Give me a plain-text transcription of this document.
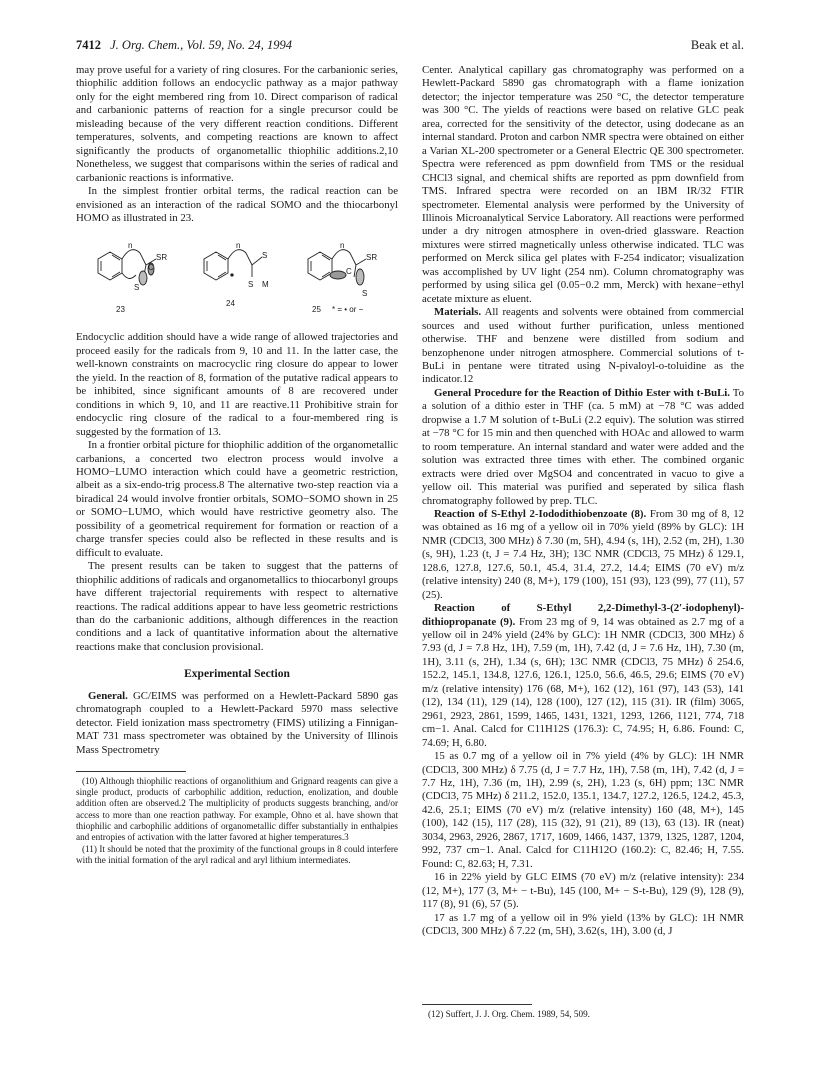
7412 J. Org. Chem., Vol. 59, No. 24, 1994	Beak et al.

may prove useful for a variety of ring closures. For the carbanionic series, thiophilic addition follows an endocyclic pathway as a major pathway only for the eight membered ring from 10. Direct comparison of radical and carbanionic patterns of reaction for a single precursor could be misleading because of the very different reaction conditions. Different temperatures, solvents, and competing reactions are known to affect significantly the products of organometallic thiophilic additions.2,10 Nonetheless, we suggest that comparisons within the series of radical and carbanionic reactions is informative.

In the simplest frontier orbital terms, the radical reaction can be envisioned as an interaction of the radical SOMO and the thiocarbonyl HOMO as illustrated in 23.

n
SR
C
S
n
S
S M
n
SR
C
S
23
24
25 * = • or −

Endocyclic addition should have a wide range of allowed trajectories and proceed easily for the radicals from 9, 10 and 11. In the latter case, the well-known constraints on macrocyclic ring closure do appear to lower the yield. In the reaction of 8, formation of the putative radical appears to be inhibited, since significant amounts of 8 are recovered under conditions in which 9, 10, and 11 are reactive.11 Prohibitive strain for endocyclic ring closure of the radical to a four-membered ring is suggested by the formation of 13.

In a frontier orbital picture for thiophilic addition of the organometallic carbanions, a concerted two electron process would involve a HOMO−LUMO interaction which could have a geometric restriction, albeit as a six-endo-trig process.8 The alternative two-step reaction via a biradical 24 would involve frontier orbitals, SOMO−SOMO shown in 25 or SOMO−LUMO, which would have restrictive geometry also. The possibility of a geometrical requirement for formation or reaction of a charge transfer species could also be reflected in these results and is difficult to evaluate.

The present results can be taken to suggest that the patterns of thiophilic additions of radicals and organometallics to thiocarbonyl groups have different trajectorial requirements with respect to alternative reactions. The radical additions appear to have less geometric restrictions than do the carbanionic additions, although differences in the reaction conditions and a lack of quantitative information about the alternative reactions make that conclusion provisional.

Experimental Section

General. GC/EIMS was performed on a Hewlett-Packard 5890 gas chromatograph coupled to a Hewlett-Packard 5970 mass selective detector. Field ionization mass spectrometry (FIMS) utilizing a Finnigan-MAT 731 mass spectrometer was obtained by the University of Illinois Mass Spectrometry

(10) Although thiophilic reactions of organolithium and Grignard reagents can give a single product, products of carbophilic addition, reduction, enolization, and double addition often are observed.2 The multiplicity of products suggests branching, and/or access to more than one reaction pathway. For example, Ohno et al. have shown that thiophilic and carbophilic additions of organometallic differ substantially in enthalpies and entropies of activation with the latter favored at higher temperatures.3

(11) It should be noted that the proximity of the functional groups in 8 could interfere with the initial formation of the aryl radical and aryl lithium intermediates.

Center. Analytical capillary gas chromatography was performed on a Hewlett-Packard 5890 gas chromatograph with a flame ionization detector; the injector temperature was 250 °C, the detector temperature was 300 °C. The yields of reactions were based on relative GLC peak area, corrected for the sensitivity of the detector, using dodecane as an internal standard. Proton and carbon NMR spectra were obtained on either a Varian XL-200 spectrometer or a General Electric QE 300 spectrometer. Spectra were referenced as ppm downfield from TMS or the residual CHCl3 signal, and chemical shifts are reported as ppm downfield from TMS. Infrared spectra were recorded on an IBM IR/32 FTIR spectrometer. Elemental analysis were performed by the University of Illinois Microanalytical Service Laboratory. All reactions were performed under a dry nitrogen atmosphere in oven-dried glassware. Reaction mixtures were stirred magnetically unless otherwise indicated. TLC was performed on Merck silica gel plates with F-254 indicator; visualization was accomplished by UV light (254 nm). Column chromatography was performed by using silica gel (0.05−0.2 mm, Merck) with hexane−ethyl acetate mixture as eluent.

Materials. All reagents and solvents were obtained from commercial sources and used without further purification, unless mentioned otherwise. THF and benzene were distilled from sodium and benzophenone under nitrogen atmosphere. Commercial solutions of t-BuLi in pentane were titrated using N-pivaloyl-o-toluidine as the indicator.12

General Procedure for the Reaction of Dithio Ester with t-BuLi. To a solution of a dithio ester in THF (ca. 5 mM) at −78 °C was added dropwise a 1.7 M solution of t-BuLi (2.2 equiv). The solution was stirred at −78 °C for 15 min and then quenched with HOAc and allowed to warm to room temperature. An internal standard and water were added and the solution was extracted three times with ether. The combined organic extracts were dried over MgSO4 and concentrated in vacuo to give a yellow oil. This material was purified and seperated by silica flash chromatography followed by prep. TLC.

Reaction of S-Ethyl 2-Iododithiobenzoate (8). From 30 mg of 8, 12 was obtained as 16 mg of a yellow oil in 70% yield (89% by GLC): 1H NMR (CDCl3, 300 MHz) δ 7.30 (m, 5H), 4.94 (s, 1H), 2.52 (m, 2H), 1.30 (s, 9H), 1.23 (t, J = 7.4 Hz, 3H); 13C NMR (CDCl3, 75 MHz) δ 129.1, 128.6, 127.8, 127.6, 50.1, 45.4, 31.4, 27.2, 14.4; EIMS (70 eV) m/z (relative intensity) 240 (8, M+), 179 (100), 151 (93), 123 (99), 77 (11), 57 (25).

Reaction of S-Ethyl 2,2-Dimethyl-3-(2′-iodophenyl)-dithiopropanate (9). From 23 mg of 9, 14 was obtained as 2.7 mg of a yellow oil in 24% yield (24% by GLC): 1H NMR (CDCl3, 300 MHz) δ 7.93 (d, J = 7.8 Hz, 1H), 7.59 (m, 1H), 7.42 (d, J = 7.6 Hz, 1H), 7.30 (m, 1H), 3.11 (s, 2H), 1.34 (s, 6H); 13C NMR (CDCl3, 75 MHz) δ 254.6, 152.2, 145.1, 134.8, 127.6, 126.1, 125.0, 56.6, 46.5, 29.6; EIMS (70 eV) m/z (relative intensity) 176 (68, M+), 162 (12), 161 (97), 143 (53), 141 (12), 134 (11), 129 (14), 128 (100), 127 (12), 115 (31). IR (film) 3065, 2961, 2923, 2861, 1599, 1465, 1431, 1321, 1293, 1266, 1121, 774, 718 cm−1. Anal. Calcd for C11H12S (176.3): C, 74.95; H, 6.86. Found: C, 74.69; H, 6.80.

15 as 0.7 mg of a yellow oil in 7% yield (4% by GLC): 1H NMR (CDCl3, 300 MHz) δ 7.75 (d, J = 7.7 Hz, 1H), 7.58 (m, 1H), 7.42 (d, J = 7.7 Hz, 1H), 7.36 (m, 1H), 2.99 (s, 2H), 1.23 (s, 6H) ppm; 13C NMR (CDCl3, 75 MHz) δ 211.2, 152.0, 135.1, 134.7, 127.2, 126.5, 124.2, 45.3, 42.6, 25.1; EIMS (70 eV) m/z (relative intensity) 160 (48, M+), 145 (100), 142 (15), 117 (28), 115 (32), 91 (21), 89 (13), 63 (13). IR (neat) 3034, 2963, 2926, 2867, 1717, 1609, 1466, 1437, 1379, 1325, 1287, 1204, 992, 737 cm−1. Anal. Calcd for C11H12O (160.2): C, 82.46; H, 7.55. Found: C, 82.63; H, 7.31.

16 in 22% yield by GLC EIMS (70 eV) m/z (relative intensity): 234 (12, M+), 177 (3, M+ − t-Bu), 145 (100, M+ − S-t-Bu), 129 (9), 128 (9), 117 (8), 91 (6), 57 (5).

17 as 1.7 mg of a yellow oil in 9% yield (13% by GLC): 1H NMR (CDCl3, 300 MHz) δ 7.22 (m, 5H), 3.62(s, 1H), 3.00 (d, J

(12) Suffert, J. J. Org. Chem. 1989, 54, 509.
